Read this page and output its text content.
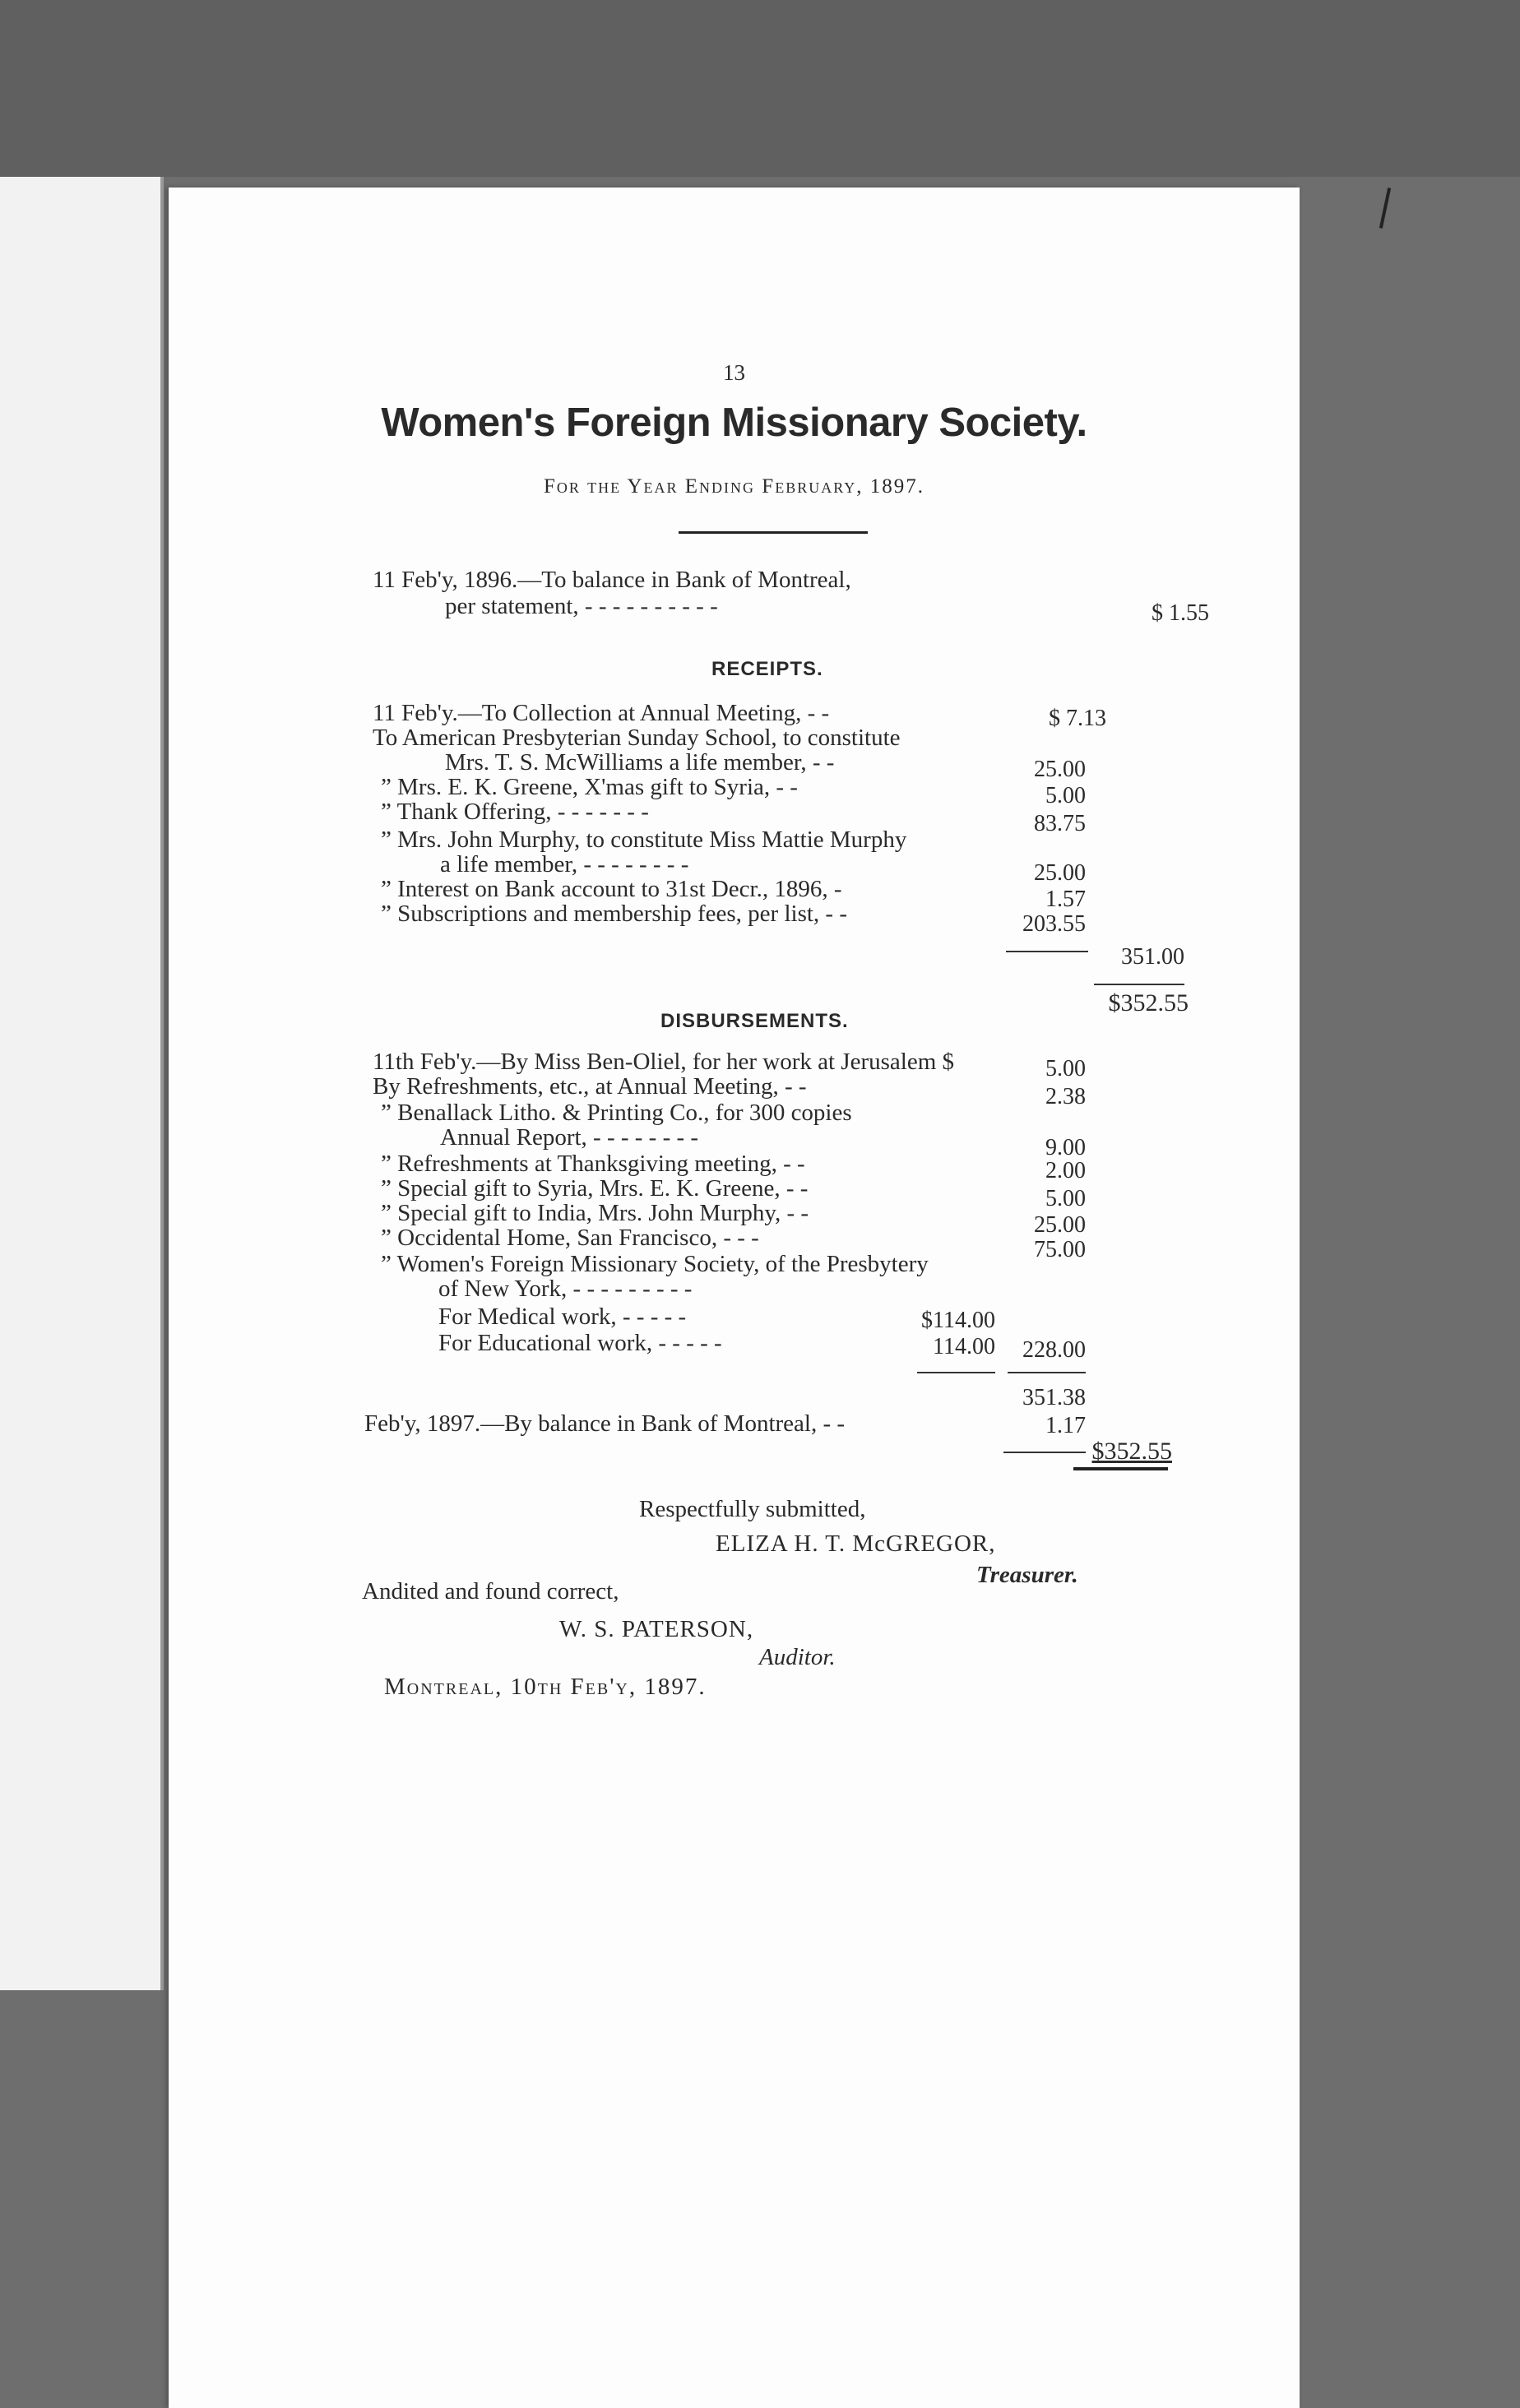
13
Women's Foreign Missionary Society.
For the Year Ending February, 1897.
11 Feb'y, 1896.—To balance in Bank of Montreal,
per statement, - - - - - - - - - -	$ 1.55
RECEIPTS.
11 Feb'y.—To Collection at Annual Meeting, - -	$ 7.13
To American Presbyterian Sunday School, to constitute
Mrs. T. S. McWilliams a life member, - -	25.00
” Mrs. E. K. Greene, X'mas gift to Syria, - -	5.00
” Thank Offering, - - - - - - -	83.75
” Mrs. John Murphy, to constitute Miss Mattie Murphy
a life member, - - - - - - - -	25.00
” Interest on Bank account to 31st Decr., 1896, -	1.57
” Subscriptions and membership fees, per list, - -	203.55
351.00
$352.55
DISBURSEMENTS.
11th Feb'y.—By Miss Ben-Oliel, for her work at Jerusalem $	5.00
By Refreshments, etc., at Annual Meeting, - -	2.38
” Benallack Litho. & Printing Co., for 300 copies
Annual Report, - - - - - - - -	9.00
” Refreshments at Thanksgiving meeting, - -	2.00
” Special gift to Syria, Mrs. E. K. Greene, - -	5.00
” Special gift to India, Mrs. John Murphy, - -	25.00
” Occidental Home, San Francisco, - - -	75.00
” Women's Foreign Missionary Society, of the Presbytery
of New York, - - - - - - - - -
For Medical work, - - - - -	$114.00
For Educational work, - - - - -	114.00	228.00
351.38
Feb'y, 1897.—By balance in Bank of Montreal, - -	1.17
$352.55
Respectfully submitted,
ELIZA H. T. McGREGOR,
Treasurer.
Andited and found correct,
W. S. PATERSON,
Auditor.
Montreal, 10th Feb'y, 1897.
